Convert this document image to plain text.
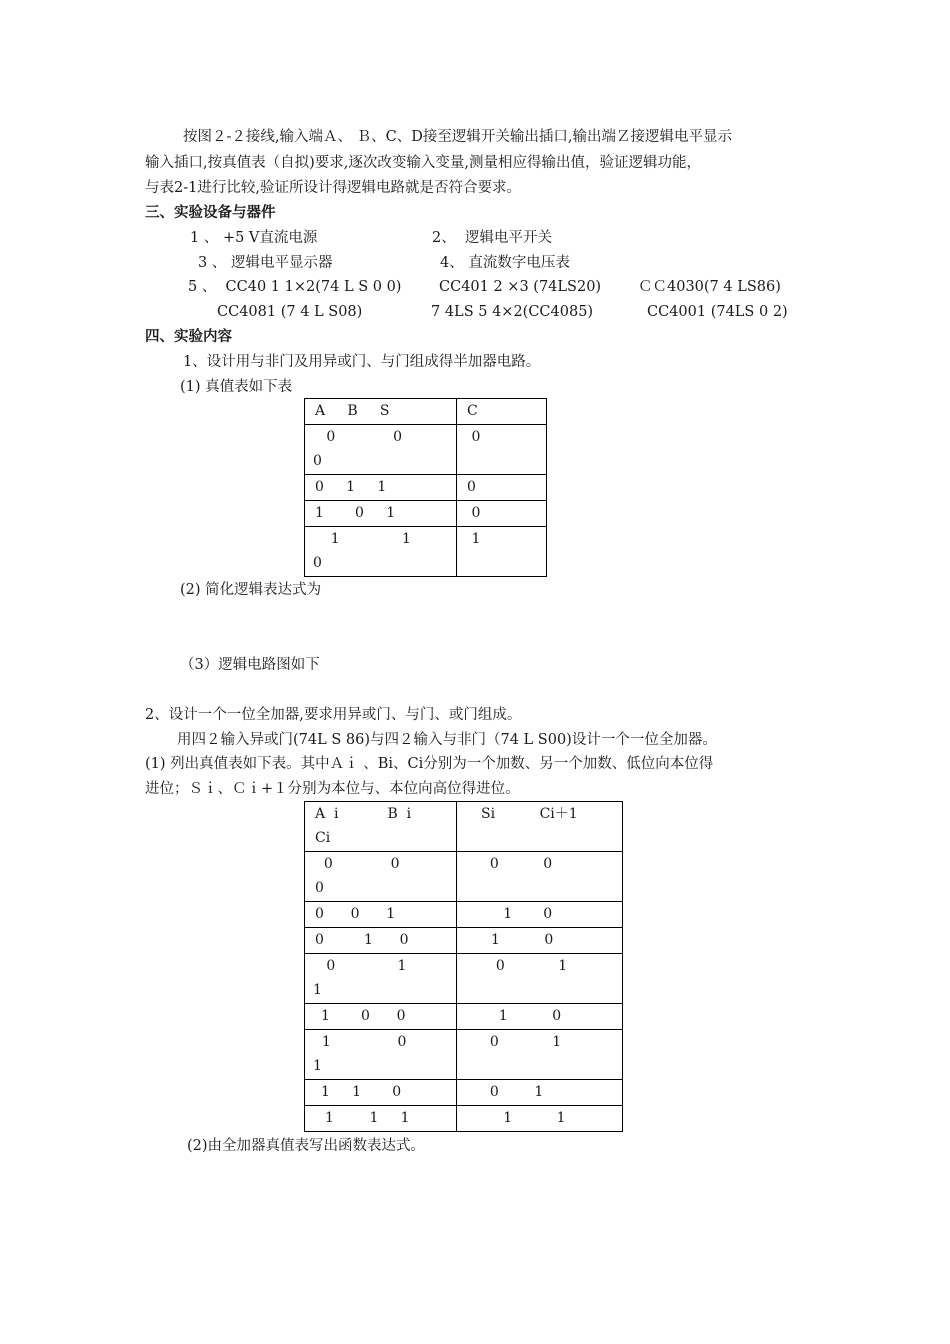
按图２-２接线,输入端Ａ、 Ｂ、C、D接至逻辑开关输出插口,输出端Ｚ接逻辑电平显示
输入插口,按真值表（自拟)要求,逐次改变输入变量,测量相应得输出值，验证逻辑功能，
与表2-1进行比较,验证所设计得逻辑电路就是否符合要求。
三、实验设备与器件
1 、 +5 V直流电源	2、  逻辑电平开关
3 、 逻辑电平显示器	4、 直流数字电压表
5 、  CC40 1 1×2(74 L S 0 0)	CC401 2 ×3 (74LS20)	ＣＣ4030(7 4 LS86)
CC4081 (7 4 L S08)	7 4LS 5 4×2(CC4085)	CC4001 (74LS 0 2)
四、实验内容
1、设计用与非门及用异或门、与门组成得半加器电路。
(1) 真值表如下表
A     B     S	C

0             0
0	0

0     1     1	0

1       0     1	0

1              1
0	1
(2) 简化逻辑表达式为
（3）逻辑电路图如下
2、设计一个一位全加器,要求用异或门、与门、或门组成。
用四２输入异或门(74L S 86)与四２输入与非门（74 L S00)设计一个一位全加器。
(1) 列出真值表如下表。其中Ａｉ 、Bi、Ci分别为一个加数、另一个加数、低位向本位得
进位；Ｓｉ、Ｃｉ+１分别为本位与、本位向高位得进位。
A  i           B  i
Ci	Si          Ci＋1

0             0
0	0          0

0      0      1	1       0

0         1      0	1          0

0              1
1	0            1

1       0      0	1          0

1               0
1	0            1

1     1       0	0        1

1        1     1	1          1
(2)由全加器真值表写出函数表达式。
